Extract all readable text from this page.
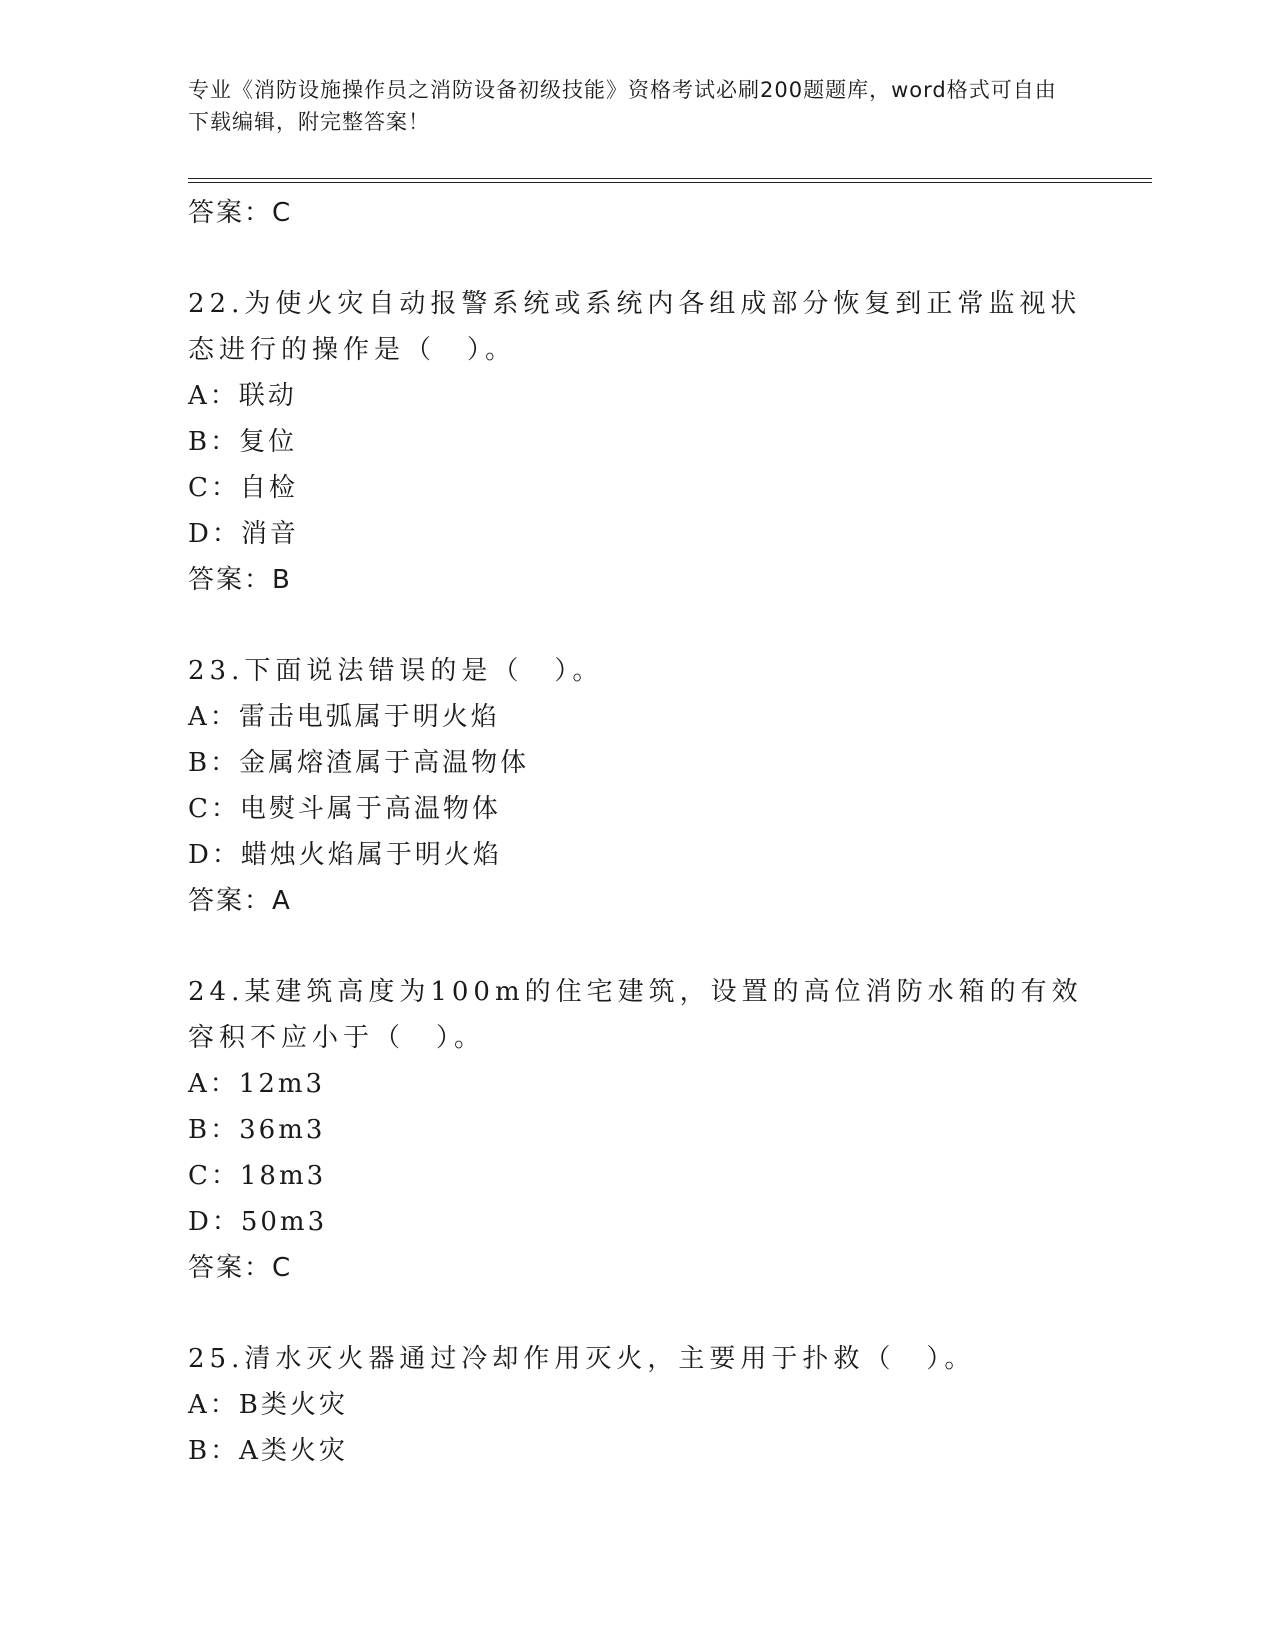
专业《消防设施操作员之消防设备初级技能》资格考试必刷200题题库，word格式可自由下载编辑，附完整答案！
答案：C
22.为使火灾自动报警系统或系统内各组成部分恢复到正常监视状态进行的操作是（　）。
A：联动
B：复位
C：自检
D：消音
答案：B
23.下面说法错误的是（　）。
A：雷击电弧属于明火焰
B：金属熔渣属于高温物体
C：电熨斗属于高温物体
D：蜡烛火焰属于明火焰
答案：A
24.某建筑高度为100m的住宅建筑，设置的高位消防水箱的有效容积不应小于（　）。
A：12m3
B：36m3
C：18m3
D：50m3
答案：C
25.清水灭火器通过冷却作用灭火，主要用于扑救（　）。
A：B类火灾
B：A类火灾
